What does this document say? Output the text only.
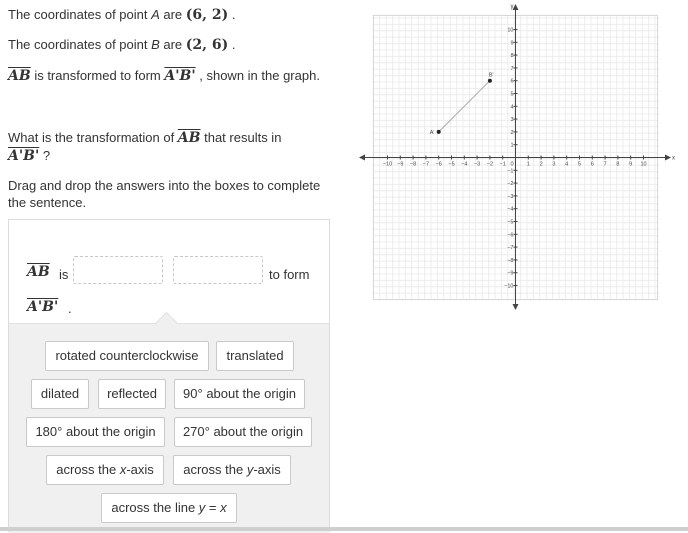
The coordinates of point A are (6, 2) .

The coordinates of point B are (2, 6) .

$\overline{AB}$ is transformed to form A'B' , shown in the graph.

What is the transformation of $\overline{AB}$ that results in
A'B' ?

Drag and drop the answers into the boxes to complete the sentence.

$\overline{AB}$ is	to form
A'B' .
rotated counterclockwise	translated
dilated	reflected	90° about the origin
180° about the origin	270° about the origin
across the x-axis	across the y-axis
across the line y = x
x
y
−10
−10
−9
−9
−8
−8
−7
−7
−6
−6
−5
−5
−4
−4
−3
−3
−2
−2
−1
−1
1
1
2
2
3
3
4
4
5
5
6
6
7
7
8
8
9
9
10
10
0
A'
B'
